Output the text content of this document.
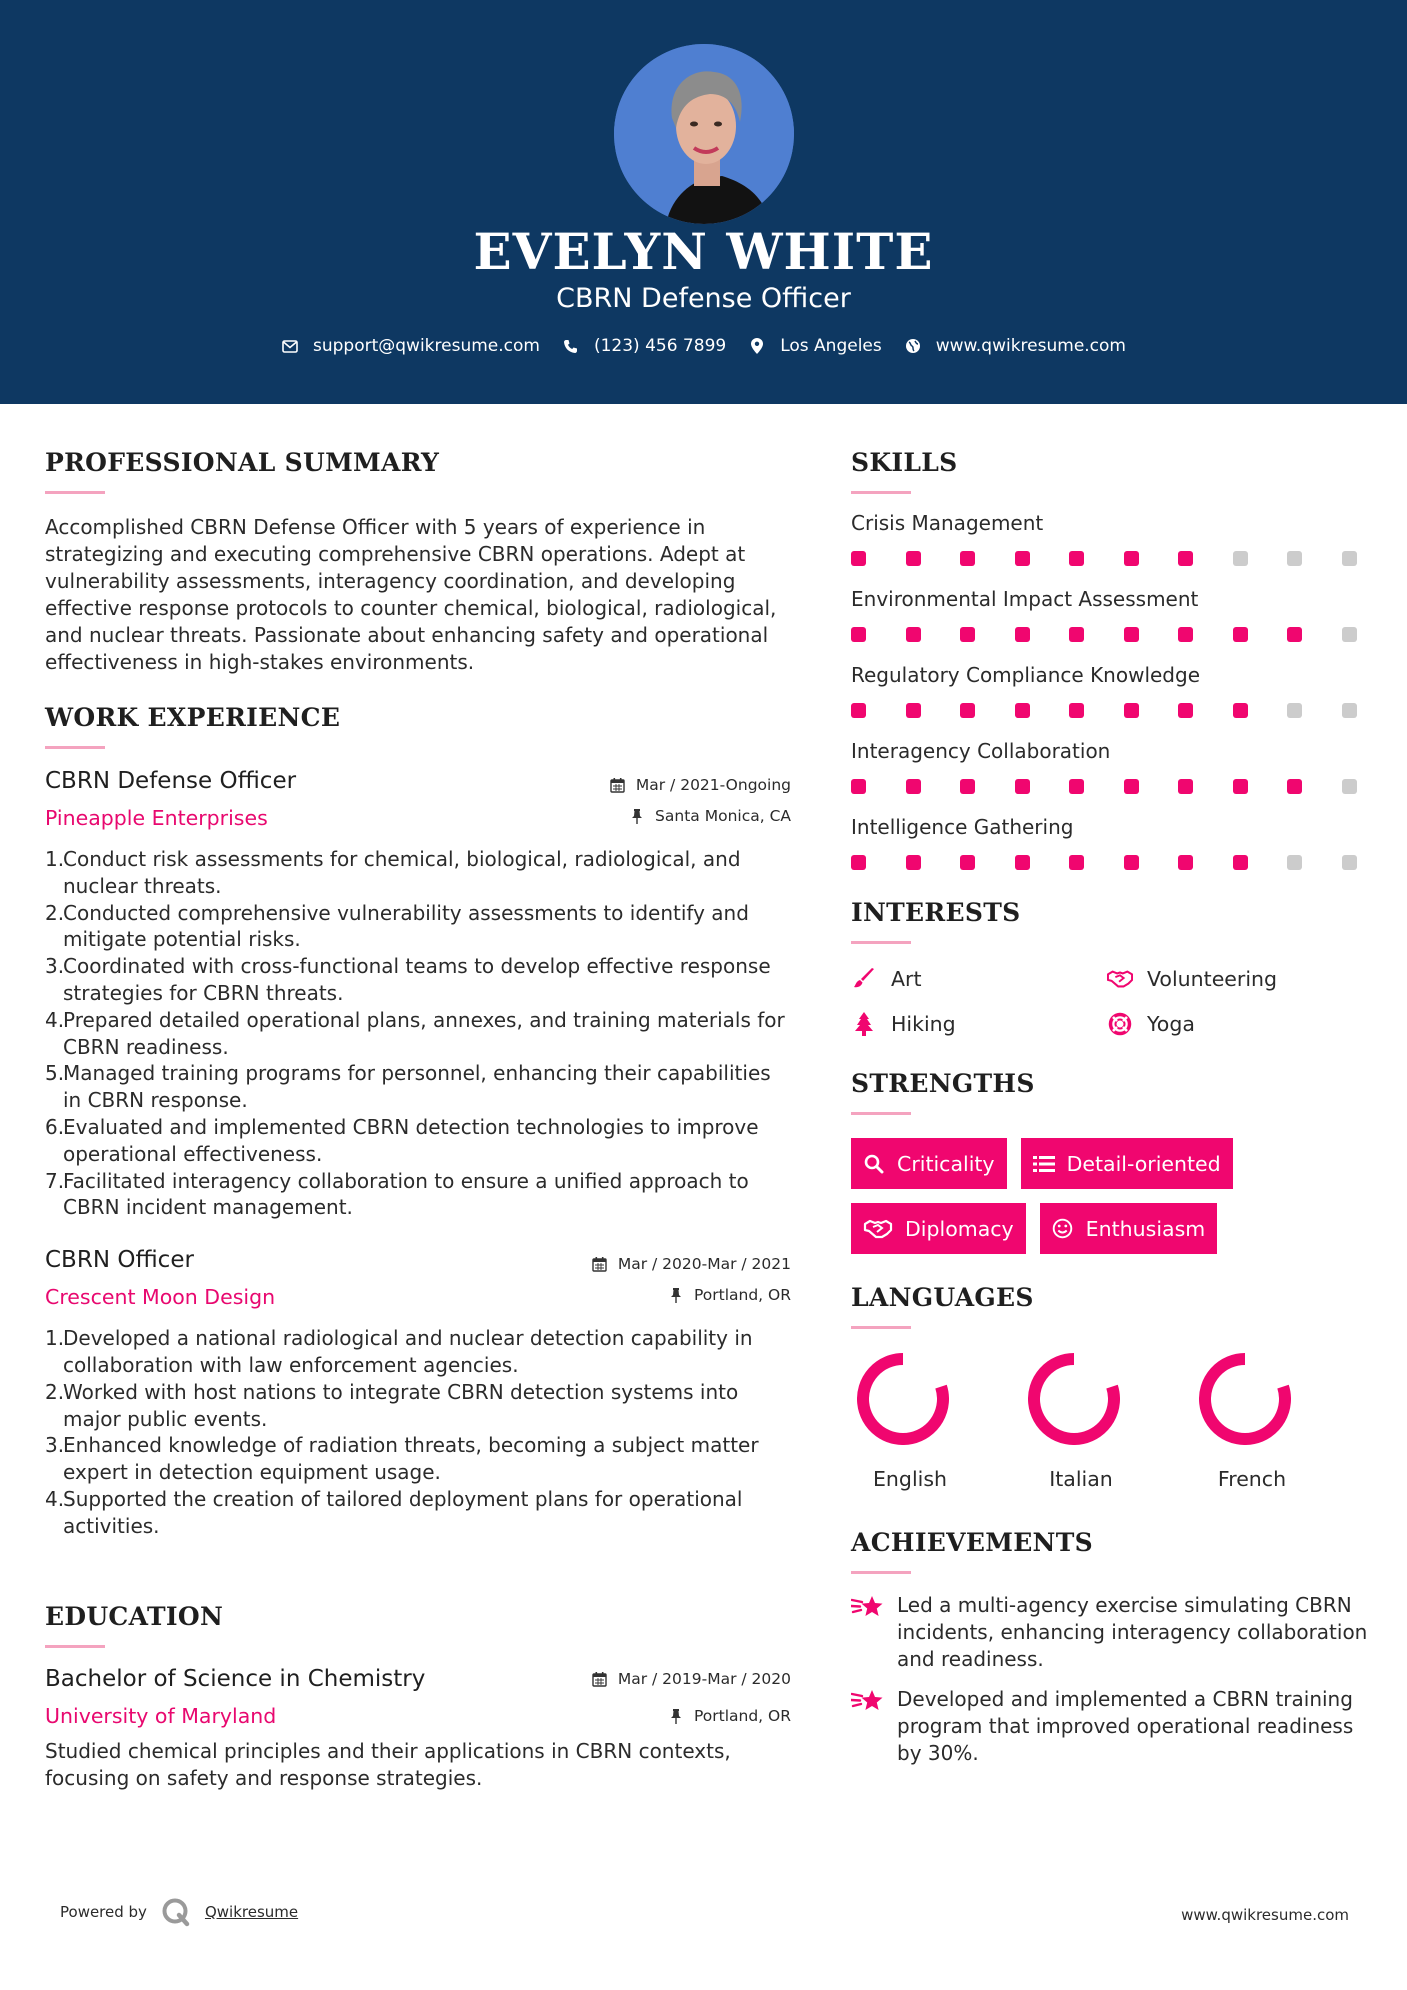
EVELYN WHITE
CBRN Defense Officer
support@qwikresume.com	(123) 456 7899	Los Angeles	www.qwikresume.com
PROFESSIONAL SUMMARY
Accomplished CBRN Defense Officer with 5 years of experience in strategizing and executing comprehensive CBRN operations. Adept at vulnerability assessments, interagency coordination, and developing effective response protocols to counter chemical, biological, radiological, and nuclear threats. Passionate about enhancing safety and operational effectiveness in high-stakes environments.
WORK EXPERIENCE
CBRN Defense Officer
Pineapple Enterprises
Mar / 2021-Ongoing
Santa Monica, CA
1.
Conduct risk assessments for chemical, biological, radiological, and nuclear threats.
2.
Conducted comprehensive vulnerability assessments to identify and mitigate potential risks.
3.
Coordinated with cross-functional teams to develop effective response strategies for CBRN threats.
4.
Prepared detailed operational plans, annexes, and training materials for CBRN readiness.
5.
Managed training programs for personnel, enhancing their capabilities in CBRN response.
6.
Evaluated and implemented CBRN detection technologies to improve operational effectiveness.
7.
Facilitated interagency collaboration to ensure a unified approach to CBRN incident management.
CBRN Officer
Crescent Moon Design
Mar / 2020-Mar / 2021
Portland, OR
1.
Developed a national radiological and nuclear detection capability in collaboration with law enforcement agencies.
2.
Worked with host nations to integrate CBRN detection systems into major public events.
3.
Enhanced knowledge of radiation threats, becoming a subject matter expert in detection equipment usage.
4.
Supported the creation of tailored deployment plans for operational activities.
EDUCATION
Bachelor of Science in Chemistry
University of Maryland
Mar / 2019-Mar / 2020
Portland, OR
Studied chemical principles and their applications in CBRN contexts, focusing on safety and response strategies.
SKILLS
Crisis Management
Environmental Impact Assessment
Regulatory Compliance Knowledge
Interagency Collaboration
Intelligence Gathering
INTERESTS
Art	Volunteering
Hiking	Yoga
STRENGTHS
Criticality	Detail-oriented
Diplomacy	Enthusiasm
LANGUAGES
English	Italian	French
ACHIEVEMENTS
Led a multi-agency exercise simulating CBRN incidents, enhancing interagency collaboration and readiness.
Developed and implemented a CBRN training program that improved operational readiness by 30%.
Powered by	Qwikresume	www.qwikresume.com
